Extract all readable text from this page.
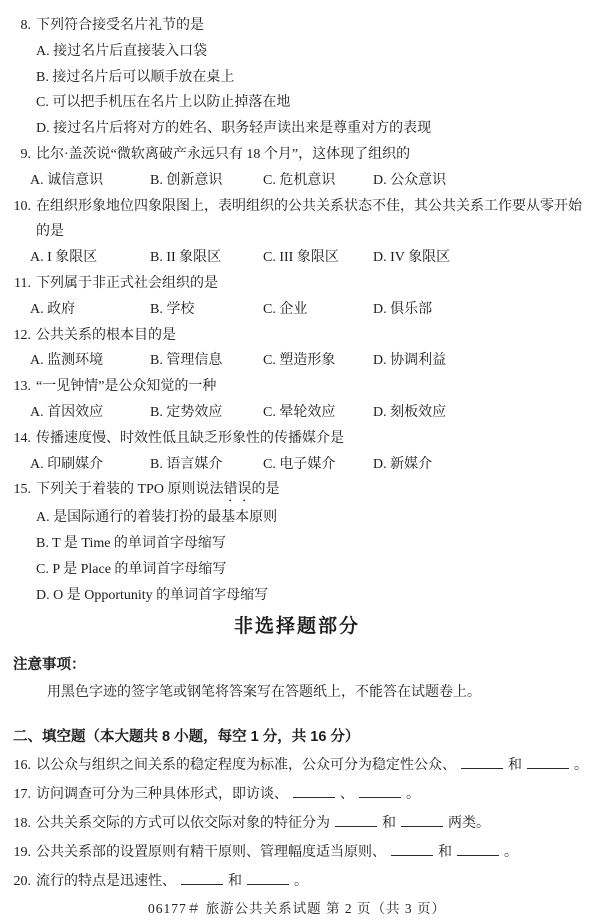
8. 下列符合接受名片礼节的是
A. 接过名片后直接装入口袋
B. 接过名片后可以顺手放在桌上
C. 可以把手机压在名片上以防止掉落在地
D. 接过名片后将对方的姓名、职务轻声读出来是尊重对方的表现
9. 比尔·盖茨说“微软离破产永远只有 18 个月”，这体现了组织的
A. 诚信意识	B. 创新意识	C. 危机意识	D. 公众意识
10. 在组织形象地位四象限图上，表明组织的公共关系状态不佳，其公共关系工作要从零开始的是
A. I 象限区	B. II 象限区	C. III 象限区	D. IV 象限区
11. 下列属于非正式社会组织的是
A. 政府	B. 学校	C. 企业	D. 俱乐部
12. 公共关系的根本目的是
A. 监测环境	B. 管理信息	C. 塑造形象	D. 协调利益
13. “一见钟情”是公众知觉的一种
A. 首因效应	B. 定势效应	C. 晕轮效应	D. 刻板效应
14. 传播速度慢、时效性低且缺乏形象性的传播媒介是
A. 印刷媒介	B. 语言媒介	C. 电子媒介	D. 新媒介
15. 下列关于着装的 TPO 原则说法错误的是
A. 是国际通行的着装打扮的最基本原则
B. T 是 Time 的单词首字母缩写
C. P 是 Place 的单词首字母缩写
D. O 是 Opportunity 的单词首字母缩写
非选择题部分
注意事项：
用黑色字迹的签字笔或钢笔将答案写在答题纸上，不能答在试题卷上。
二、填空题（本大题共 8 小题，每空 1 分，共 16 分）
16. 以公众与组织之间关系的稳定程度为标准，公众可分为稳定性公众、	和	。
17. 访问调查可分为三种具体形式，即访谈、	、	。
18. 公共关系交际的方式可以依交际对象的特征分为	和	两类。
19. 公共关系部的设置原则有精干原则、管理幅度适当原则、	和	。
20. 流行的特点是迅速性、	和	。
06177＃ 旅游公共关系试题 第 2 页（共 3 页）
